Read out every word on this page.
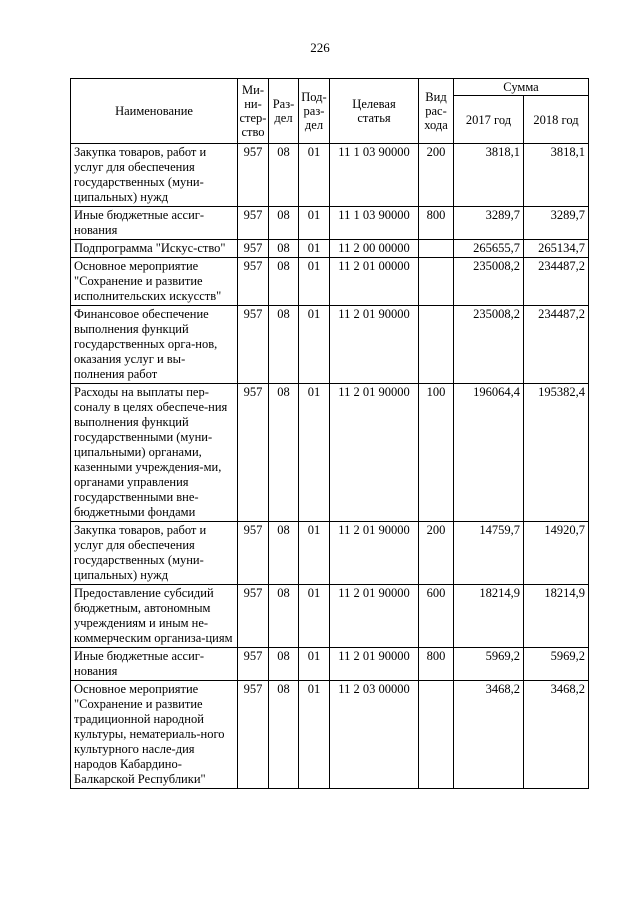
226
Наименование	Ми-
ни-
стер-
ство	Раз-
дел	Под-
раз-
дел	Целевая
статья	Вид
рас-
хода	Сумма	
						2017 год	2018 год
Закупка товаров, работ и услуг для обеспечения государственных (муни-ципальных) нужд	957	08	01	11 1 03 90000	200	3818,1	3818,1
Иные бюджетные ассиг-нования	957	08	01	11 1 03 90000	800	3289,7	3289,7
Подпрограмма "Искус-ство"	957	08	01	11 2 00 00000		265655,7	265134,7
Основное мероприятие "Сохранение и развитие исполнительских искусств"	957	08	01	11 2 01 00000		235008,2	234487,2
Финансовое обеспечение выполнения функций государственных орга-нов, оказания услуг и вы-полнения работ	957	08	01	11 2 01 90000		235008,2	234487,2
Расходы на выплаты пер-соналу в целях обеспече-ния выполнения функций государственными (муни-ципальными) органами, казенными учреждения-ми, органами управления государственными вне-бюджетными фондами	957	08	01	11 2 01 90000	100	196064,4	195382,4
Закупка товаров, работ и услуг для обеспечения государственных (муни-ципальных) нужд	957	08	01	11 2 01 90000	200	14759,7	14920,7
Предоставление субсидий бюджетным, автономным учреждениям и иным не-коммерческим организа-циям	957	08	01	11 2 01 90000	600	18214,9	18214,9
Иные бюджетные ассиг-нования	957	08	01	11 2 01 90000	800	5969,2	5969,2
Основное мероприятие "Сохранение и развитие традиционной народной культуры, нематериаль-ного культурного насле-дия народов Кабардино-Балкарской Республики"	957	08	01	11 2 03 00000		3468,2	3468,2
